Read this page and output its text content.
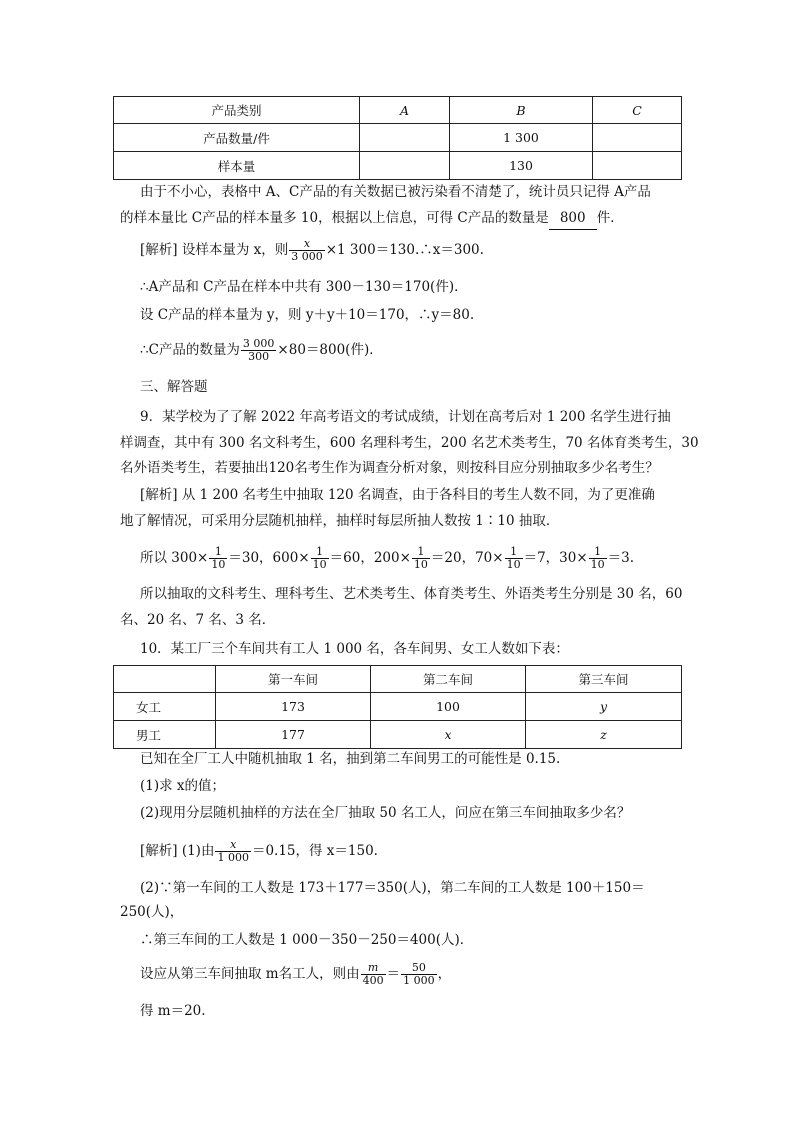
产品类别	A	B	C
产品数量/件		1 300	
样本量		130	
由于不小心，表格中 A、C产品的有关数据已被污染看不清楚了，统计员只记得 A产品
的样本量比 C产品的样本量多 10，根据以上信息，可得 C产品的数量是 800 件．
[解析] 设样本量为 x，则 $\frac{x}{3 000} \times 1$ 300＝130.∴x＝300.
∴A产品和 C产品在样本中共有 300－130＝170(件)．
设 C产品的样本量为 y，则 y＋y＋10＝170，∴y＝80.
∴C产品的数量为 $\frac{3 000}{300} \times 80=800$(件)．
三、解答题
9．某学校为了了解 2022 年高考语文的考试成绩，计划在高考后对 1 200 名学生进行抽
样调查，其中有 300 名文科考生，600 名理科考生，200 名艺术类考生，70 名体育类考生，30
名外语类考生，若要抽出120名考生作为调查分析对象，则按科目应分别抽取多少名考生？
[解析] 从 1 200 名考生中抽取 120 名调查，由于各科目的考生人数不同，为了更准确
地了解情况，可采用分层随机抽样，抽样时每层所抽人数按 1∶10 抽取．
所以 $300\times \frac{1}{10} =30$，$600\times \frac{1}{10} =60$，$200\times \frac{1}{10} =20$，$70\times \frac{1}{10} =7$，$30\times \frac{1}{10} =3$.
所以抽取的文科考生、理科考生、艺术类考生、体育类考生、外语类考生分别是 30 名，60
名、20 名、7 名、3 名．
10．某工厂三个车间共有工人 1 000 名，各车间男、女工人数如下表：
	第一车间	第二车间	第三车间
女工	173	100	y
男工	177	x	z
已知在全厂工人中随机抽取 1 名，抽到第二车间男工的可能性是 0.15.
(1)求 x的值；
(2)现用分层随机抽样的方法在全厂抽取 50 名工人，问应在第三车间抽取多少名？
[解析] (1)由 $\frac{x}{1 000} =0.15$，得 x＝150.
(2)∵第一车间的工人数是 173＋177＝350(人)，第二车间的工人数是 100＋150＝
250(人)，
∴第三车间的工人数是 1 000－350－250＝400(人)．
设应从第三车间抽取 m名工人，则由 $\frac{m}{400} = \frac{50}{1 000}$ ，
得 m＝20.
